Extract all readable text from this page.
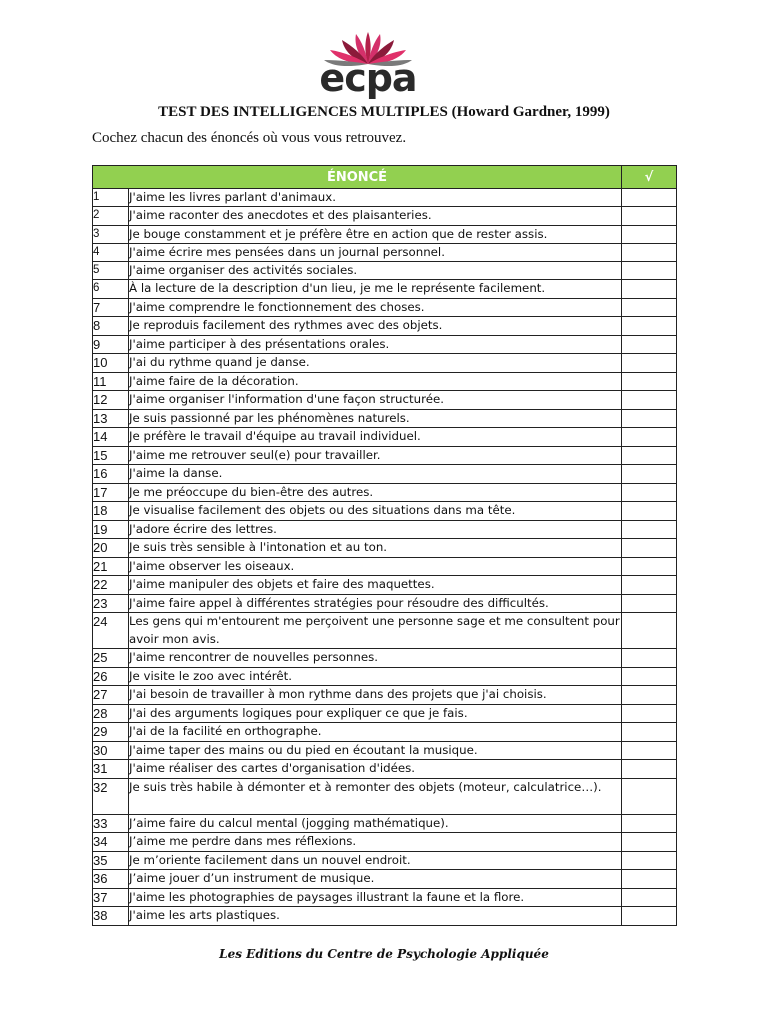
ecpa
TEST DES INTELLIGENCES MULTIPLES (Howard Gardner, 1999)
Cochez chacun des énoncés où vous vous retrouvez.
ÉNONCÉ		√
1	J'aime les livres parlant d'animaux.	
2	J'aime raconter des anecdotes et des plaisanteries.	
3	Je bouge constamment et je préfère être en action que de rester assis.	
4	J'aime écrire mes pensées dans un journal personnel.	
5	J'aime organiser des activités sociales.	
6	À la lecture de la description d'un lieu, je me le représente facilement.	
7	J'aime comprendre le fonctionnement des choses.	
8	Je reproduis facilement des rythmes avec des objets.	
9	J'aime participer à des présentations orales.	
10	J'ai du rythme quand je danse.	
11	J'aime faire de la décoration.	
12	J'aime organiser l'information d'une façon structurée.	
13	Je suis passionné par les phénomènes naturels.	
14	Je préfère le travail d'équipe au travail individuel.	
15	J'aime me retrouver seul(e) pour travailler.	
16	J'aime la danse.	
17	Je me préoccupe du bien-être des autres.	
18	Je visualise facilement des objets ou des situations dans ma tête.	
19	J'adore écrire des lettres.	
20	Je suis très sensible à l'intonation et au ton.	
21	J'aime observer les oiseaux.	
22	J'aime manipuler des objets et faire des maquettes.	
23	J'aime faire appel à différentes stratégies pour résoudre des difficultés.	
24	Les gens qui m'entourent me perçoivent une personne sage et me consultent pour avoir mon avis.	
25	J'aime rencontrer de nouvelles personnes.	
26	Je visite le zoo avec intérêt.	
27	J'ai besoin de travailler à mon rythme dans des projets que j'ai choisis.	
28	J'ai des arguments logiques pour expliquer ce que je fais.	
29	J'ai de la facilité en orthographe.	
30	J'aime taper des mains ou du pied en écoutant la musique.	
31	J'aime réaliser des cartes d'organisation d'idées.	
32	Je suis très habile à démonter et à remonter des objets (moteur, calculatrice…).	
33	J’aime faire du calcul mental (jogging mathématique).	
34	J’aime me perdre dans mes réflexions.	
35	Je m’oriente facilement dans un nouvel endroit.	
36	J’aime jouer d’un instrument de musique.	
37	J'aime les photographies de paysages illustrant la faune et la flore.	
38	J'aime les arts plastiques.	
Les Editions du Centre de Psychologie Appliquée
